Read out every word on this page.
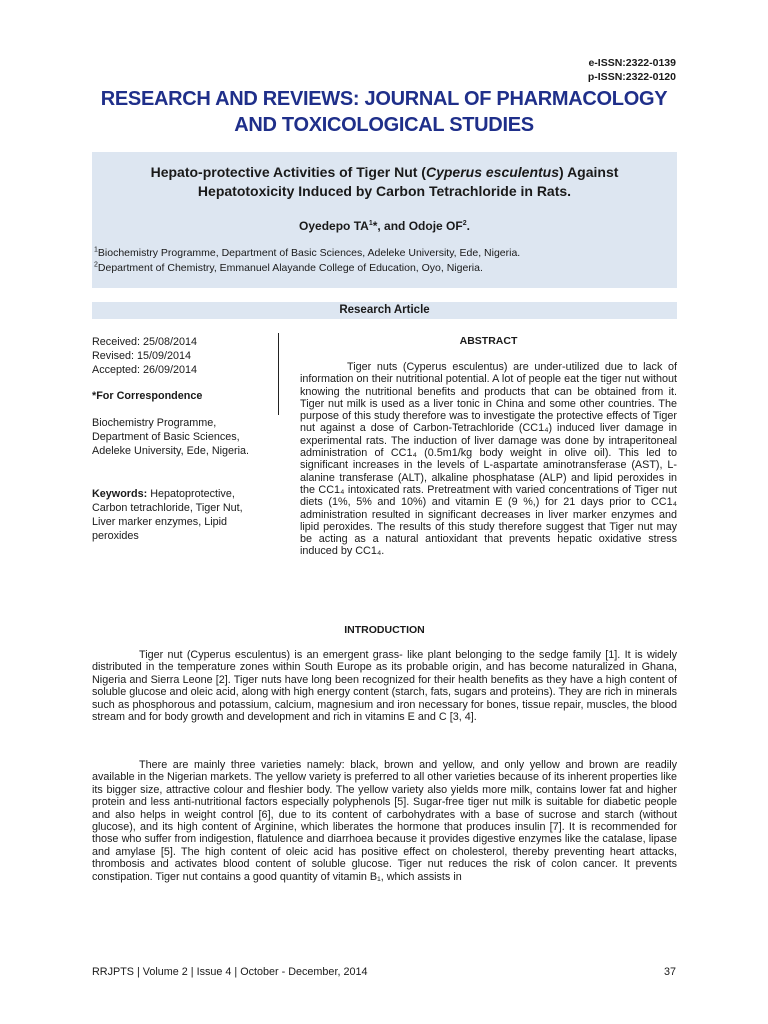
e-ISSN:2322-0139
p-ISSN:2322-0120
RESEARCH AND REVIEWS: JOURNAL OF PHARMACOLOGY
AND TOXICOLOGICAL STUDIES
Hepato-protective Activities of Tiger Nut (Cyperus esculentus) Against
Hepatotoxicity Induced by Carbon Tetrachloride in Rats.
Oyedepo $TA^1*$, and Odoje $OF^2$.
$^1$Biochemistry Programme, Department of Basic Sciences, Adeleke University, Ede, Nigeria.
$^2$Department of Chemistry, Emmanuel Alayande College of Education, Oyo, Nigeria.
Research Article
Received: 25/08/2014
Revised: 15/09/2014
Accepted: 26/09/2014
*For Correspondence
Biochemistry Programme, Department of Basic Sciences, Adeleke University, Ede, Nigeria.
Keywords: Hepatoprotective, Carbon tetrachloride, Tiger Nut, Liver marker enzymes, Lipid peroxides
ABSTRACT
Tiger nuts (Cyperus esculentus) are under-utilized due to lack of information on their nutritional potential. A lot of people eat the tiger nut without knowing the nutritional benefits and products that can be obtained from it. Tiger nut milk is used as a liver tonic in China and some other countries. The purpose of this study therefore was to investigate the protective effects of Tiger nut against a dose of Carbon-Tetrachloride (CC1₄) induced liver damage in experimental rats. The induction of liver damage was done by intraperitoneal administration of CC1₄ (0.5m1/kg body weight in olive oil). This led to significant increases in the levels of L-aspartate aminotransferase (AST), L-alanine transferase (ALT), alkaline phosphatase (ALP) and lipid peroxides in the CC1₄ intoxicated rats. Pretreatment with varied concentrations of Tiger nut diets (1%, 5% and 10%) and vitamin E (9 %,) for 21 days prior to CC1₄ administration resulted in significant decreases in liver marker enzymes and lipid peroxides. The results of this study therefore suggest that Tiger nut may be acting as a natural antioxidant that prevents hepatic oxidative stress induced by CC1₄.
INTRODUCTION
Tiger nut (Cyperus esculentus) is an emergent grass- like plant belonging to the sedge family [1]. It is widely distributed in the temperature zones within South Europe as its probable origin, and has become naturalized in Ghana, Nigeria and Sierra Leone [2]. Tiger nuts have long been recognized for their health benefits as they have a high content of soluble glucose and oleic acid, along with high energy content (starch, fats, sugars and proteins). They are rich in minerals such as phosphorous and potassium, calcium, magnesium and iron necessary for bones, tissue repair, muscles, the blood stream and for body growth and development and rich in vitamins E and C [3, 4].
There are mainly three varieties namely: black, brown and yellow, and only yellow and brown are readily available in the Nigerian markets. The yellow variety is preferred to all other varieties because of its inherent properties like its bigger size, attractive colour and fleshier body. The yellow variety also yields more milk, contains lower fat and higher protein and less anti-nutritional factors especially polyphenols [5]. Sugar-free tiger nut milk is suitable for diabetic people and also helps in weight control [6], due to its content of carbohydrates with a base of sucrose and starch (without glucose), and its high content of Arginine, which liberates the hormone that produces insulin [7]. It is recommended for those who suffer from indigestion, flatulence and diarrhoea because it provides digestive enzymes like the catalase, lipase and amylase [5]. The high content of oleic acid has positive effect on cholesterol, thereby preventing heart attacks, thrombosis and activates blood content of soluble glucose. Tiger nut reduces the risk of colon cancer. It prevents constipation. Tiger nut contains a good quantity of vitamin B₁, which assists in
RRJPTS | Volume 2 | Issue 4 | October - December, 2014	37
